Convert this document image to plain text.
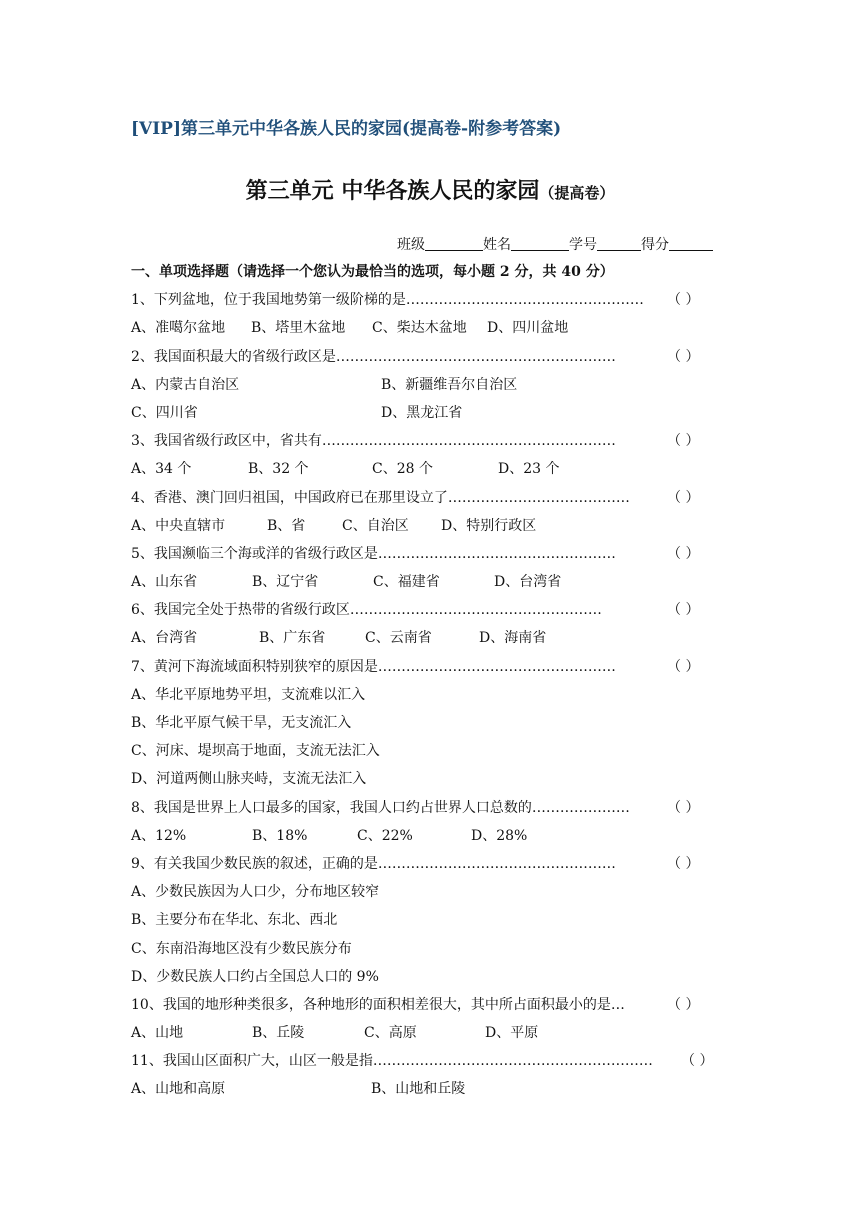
[VIP]第三单元中华各族人民的家园(提高卷-附参考答案)
第三单元 中华各族人民的家园（提高卷）
班级	姓名	学号	得分
一、单项选择题（请选择一个您认为最恰当的选项，每小题 2 分，共 40 分）
1、下列盆地，位于我国地势第一级阶梯的是…………………………………………… （ ）
A、准噶尔盆地 B、塔里木盆地 C、柴达木盆地 D、四川盆地
2、我国面积最大的省级行政区是……………………………………………………	（ ）
A、内蒙古自治区	B、新疆维吾尔自治区
C、四川省	D、黑龙江省
3、我国省级行政区中，省共有………………………………………………………	（ ）
A、34 个	B、32 个	C、28 个	D、23 个
4、香港、澳门回归祖国，中国政府已在那里设立了…………………………………	（ ）
A、中央直辖市	B、省	C、自治区 D、特别行政区
5、我国濒临三个海或洋的省级行政区是……………………………………………	（ ）
A、山东省	B、辽宁省	C、福建省	D、台湾省
6、我国完全处于热带的省级行政区………………………………………………	（ ）
A、台湾省	B、广东省	C、云南省	D、海南省
7、黄河下海流域面积特别狭窄的原因是……………………………………………	（ ）
A、华北平原地势平坦，支流难以汇入
B、华北平原气候干旱，无支流汇入
C、河床、堤坝高于地面，支流无法汇入
D、河道两侧山脉夹峙，支流无法汇入
8、我国是世界上人口最多的国家，我国人口约占世界人口总数的…………………	（ ）
A、12%	B、18%	C、22%	D、28%
9、有关我国少数民族的叙述，正确的是……………………………………………	（ ）
A、少数民族因为人口少，分布地区较窄
B、主要分布在华北、东北、西北
C、东南沿海地区没有少数民族分布
D、少数民族人口约占全国总人口的 9%
10、我国的地形种类很多，各种地形的面积相差很大，其中所占面积最小的是…	（ ）
A、山地	B、丘陵	C、高原	D、平原
11、我国山区面积广大，山区一般是指…………………………………………………… （ ）
A、山地和高原	B、山地和丘陵
